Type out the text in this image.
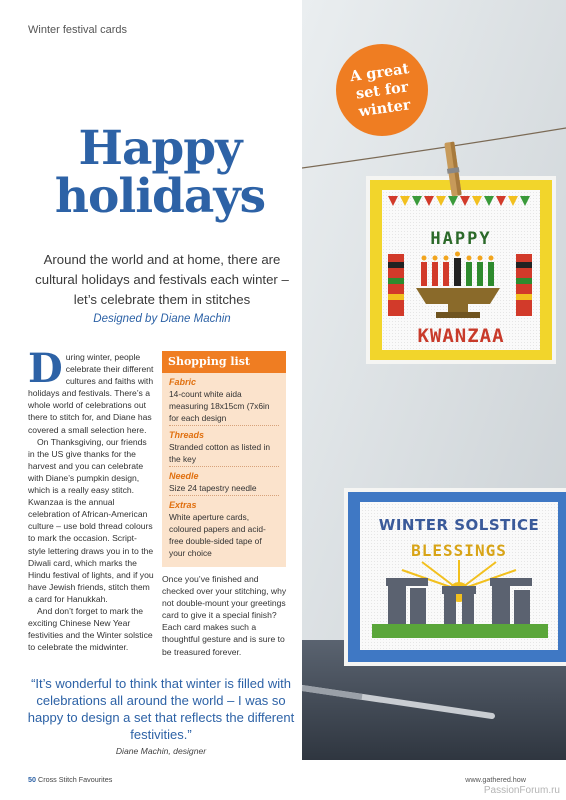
Winter festival cards
Happy
holidays

Around the world and at home, there are cultural holidays and festivals each winter – let’s celebrate them in stitches

Designed by Diane Machin

During winter, people celebrate their different cultures and faiths with holidays and festivals. There’s a whole world of celebrations out there to stitch for, and Diane has covered a small selection here.

On Thanksgiving, our friends in the US give thanks for the harvest and you can celebrate with Diane’s pumpkin design, which is a really easy stitch. Kwanzaa is the annual celebration of African-American culture – use bold thread colours to mark the occasion. Script-style lettering draws you in to the Diwali card, which marks the Hindu festival of lights, and if you have Jewish friends, stitch them a card for Hanukkah.

And don’t forget to mark the exciting Chinese New Year festivities and the Winter solstice to celebrate the midwinter.

Shopping list
Fabric
14-count white aida measuring 18x15cm (7x6in for each design
Threads
Stranded cotton as listed in the key
Needle
Size 24 tapestry needle
Extras
White aperture cards, coloured papers and acid-free double-sided tape of your choice

Once you’ve finished and checked over your stitching, why not double-mount your greetings card to give it a special finish? Each card makes such a thoughtful gesture and is sure to be treasured forever.

HAPPY
KWANZAA
A great
set for
winter
WINTER SOLSTICE
BLESSINGS

“It’s wonderful to think that winter is filled with celebrations all around the world – I was so happy to design a set that reflects the different festivities.”

Diane Machin, designer

50 Cross Stitch Favourites	www.gathered.how
PassionForum.ru
